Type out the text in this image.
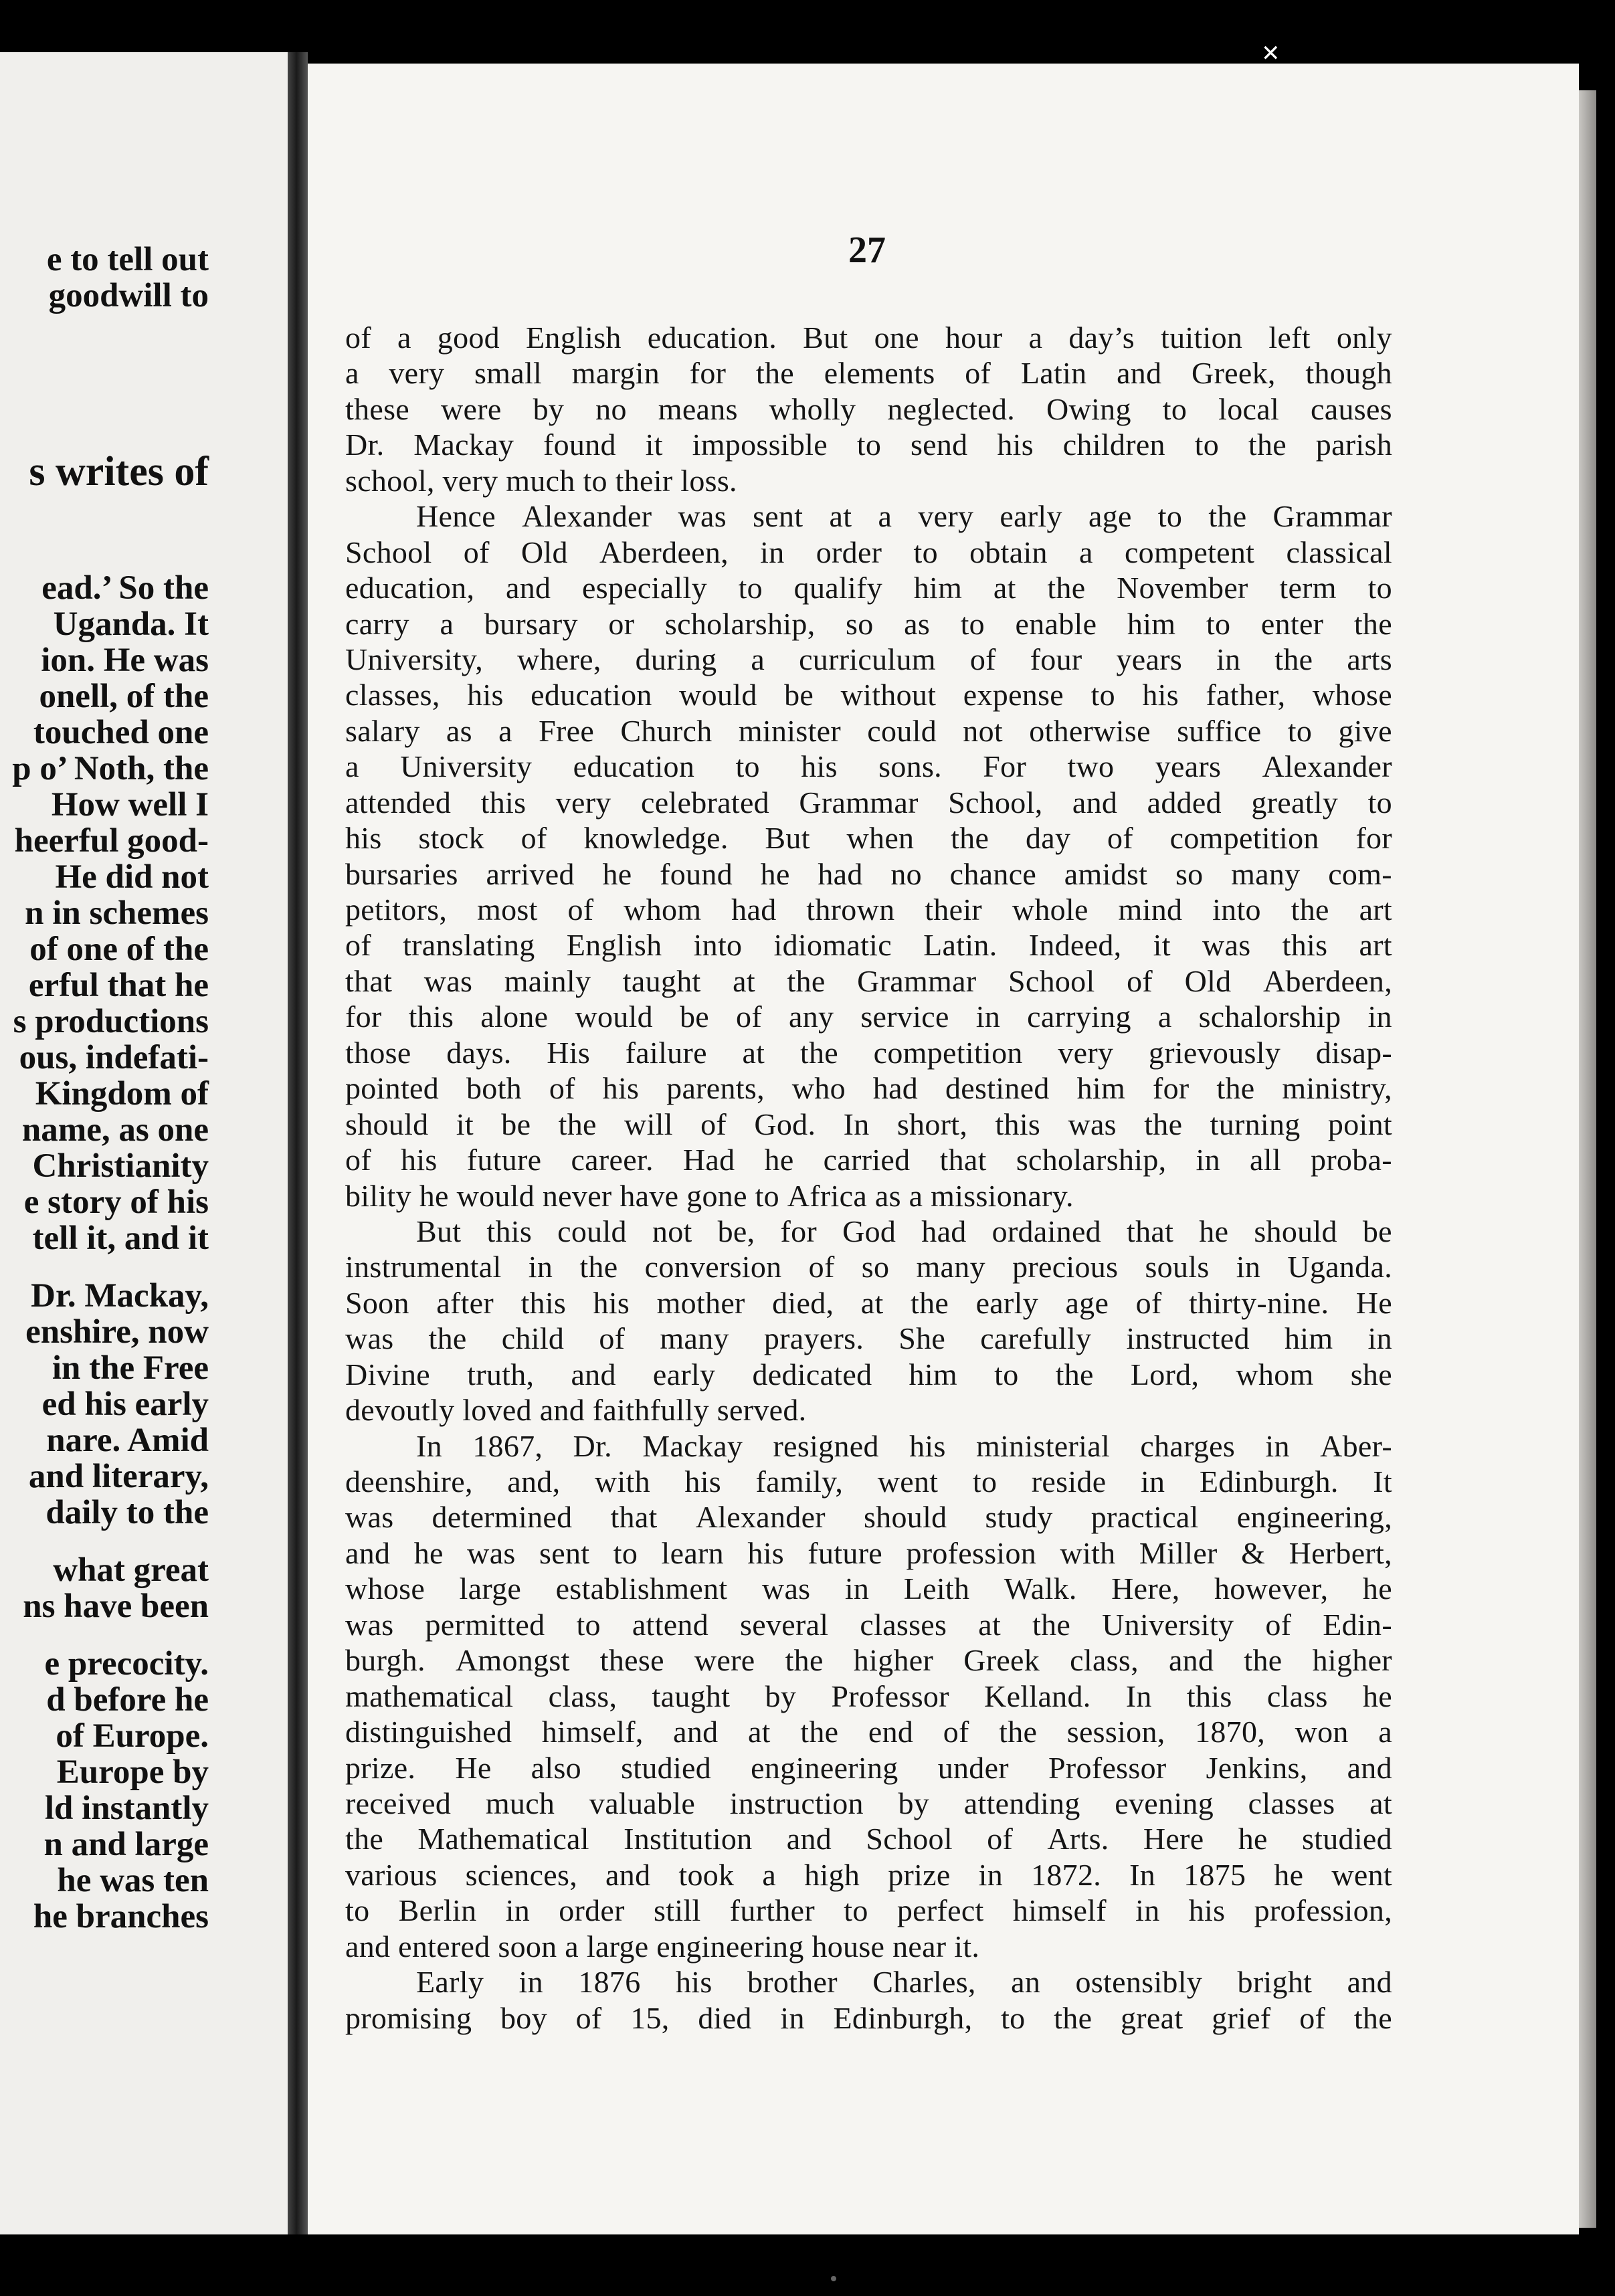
e to tell out
goodwill to
s writes of
ead.’ So the
Uganda. It
ion. He was
onell, of the
touched one
p o’ Noth, the
How well I
heerful good-
He did not
n in schemes
of one of the
erful that he
s productions
ous, indefati-
Kingdom of
name, as one
Christianity
e story of his
tell it, and it
Dr. Mackay,
enshire, now
in the Free
ed his early
nare. Amid
and literary,
daily to the
what great
ns have been
e precocity.
d before he
of Europe.
Europe by
ld instantly
n and large
he was ten
he branches
27
of a good English education. But one hour a day’s tuition left only
a very small margin for the elements of Latin and Greek, though
these were by no means wholly neglected. Owing to local causes
Dr. Mackay found it impossible to send his children to the parish
school, very much to their loss.
Hence Alexander was sent at a very early age to the Grammar
School of Old Aberdeen, in order to obtain a competent classical
education, and especially to qualify him at the November term to
carry a bursary or scholarship, so as to enable him to enter the
University, where, during a curriculum of four years in the arts
classes, his education would be without expense to his father, whose
salary as a Free Church minister could not otherwise suffice to give
a University education to his sons. For two years Alexander
attended this very celebrated Grammar School, and added greatly to
his stock of knowledge. But when the day of competition for
bursaries arrived he found he had no chance amidst so many com-
petitors, most of whom had thrown their whole mind into the art
of translating English into idiomatic Latin. Indeed, it was this art
that was mainly taught at the Grammar School of Old Aberdeen,
for this alone would be of any service in carrying a schalorship in
those days. His failure at the competition very grievously disap-
pointed both of his parents, who had destined him for the ministry,
should it be the will of God. In short, this was the turning point
of his future career. Had he carried that scholarship, in all proba-
bility he would never have gone to Africa as a missionary.
But this could not be, for God had ordained that he should be
instrumental in the conversion of so many precious souls in Uganda.
Soon after this his mother died, at the early age of thirty-nine. He
was the child of many prayers. She carefully instructed him in
Divine truth, and early dedicated him to the Lord, whom she
devoutly loved and faithfully served.
In 1867, Dr. Mackay resigned his ministerial charges in Aber-
deenshire, and, with his family, went to reside in Edinburgh. It
was determined that Alexander should study practical engineering,
and he was sent to learn his future profession with Miller & Herbert,
whose large establishment was in Leith Walk. Here, however, he
was permitted to attend several classes at the University of Edin-
burgh. Amongst these were the higher Greek class, and the higher
mathematical class, taught by Professor Kelland. In this class he
distinguished himself, and at the end of the session, 1870, won a
prize. He also studied engineering under Professor Jenkins, and
received much valuable instruction by attending evening classes at
the Mathematical Institution and School of Arts. Here he studied
various sciences, and took a high prize in 1872. In 1875 he went
to Berlin in order still further to perfect himself in his profession,
and entered soon a large engineering house near it.
Early in 1876 his brother Charles, an ostensibly bright and
promising boy of 15, died in Edinburgh, to the great grief of the
✕
